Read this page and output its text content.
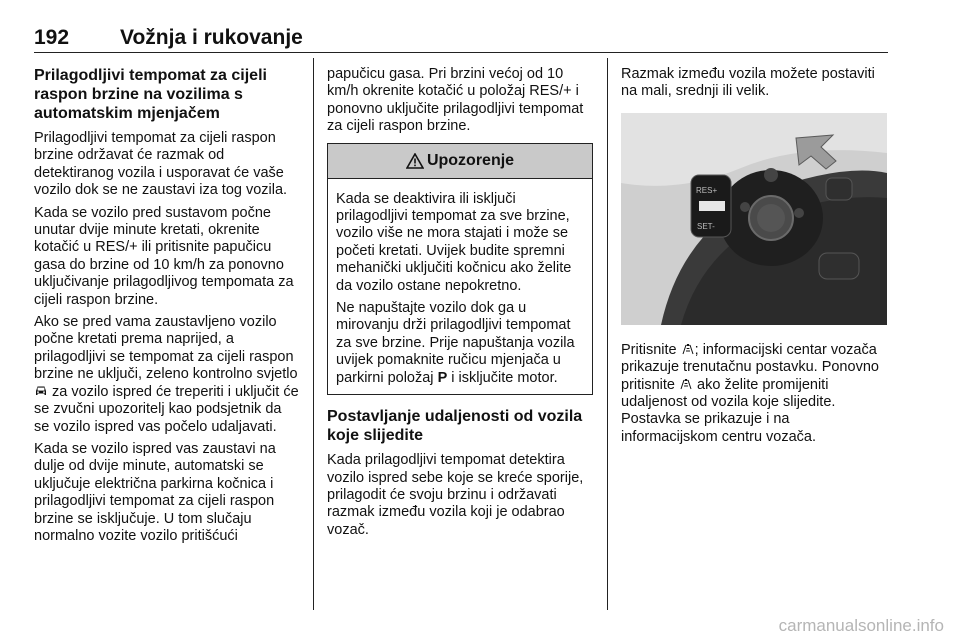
192 Vožnja i rukovanje
Prilagodljivi tempomat za cijeli raspon brzine na vozilima s automatskim mjenjačem

Prilagodljivi tempomat za cijeli raspon brzine održavat će razmak od detektiranog vozila i usporavat će vaše vozilo dok se ne zaustavi iza tog vozila.

Kada se vozilo pred sustavom počne unutar dvije minute kretati, okrenite kotačić u RES/+ ili pritisnite papučicu gasa do brzine od 10 km/h za ponovno uključivanje prilagodljivog tempomata za cijeli raspon brzine.

Ako se pred vama zaustavljeno vozilo počne kretati prema naprijed, a prilagodljivi se tempomat za cijeli raspon brzine ne uključi, zeleno kontrolno svjetlo  za vozilo ispred će treperiti i uključit će se zvučni upozoritelj kao podsjetnik da se vozilo ispred vas počelo udaljavati.

Kada se vozilo ispred vas zaustavi na dulje od dvije minute, automatski se uključuje električna parkirna kočnica i prilagodljivi tempomat za cijeli raspon brzine se isključuje. U tom slučaju normalno vozite vozilo pritišćući

papučicu gasa. Pri brzini većoj od 10 km/h okrenite kotačić u položaj RES/+ i ponovno uključite prilagodljivi tempomat za cijeli raspon brzine.

Upozorenje

Kada se deaktivira ili isključi prilagodljivi tempomat za sve brzine, vozilo više ne mora stajati i može se početi kretati. Uvijek budite spremni mehanički uključiti kočnicu ako želite da vozilo ostane nepokretno.

Ne napuštajte vozilo dok ga u mirovanju drži prilagodljivi tempomat za sve brzine. Prije napuštanja vozila uvijek pomaknite ručicu mjenjača u parkirni položaj P i isključite motor.

Postavljanje udaljenosti od vozila koje slijedite

Kada prilagodljivi tempomat detektira vozilo ispred sebe koje se kreće sporije, prilagodit će svoju brzinu i održavati razmak između vozila koji je odabrao vozač.

Razmak između vozila možete postaviti na mali, srednji ili velik.

RES+
SET-

Pritisnite ; informacijski centar vozača prikazuje trenutačnu postavku. Ponovno pritisnite  ako želite promijeniti udaljenost od vozila koje slijedite. Postavka se prikazuje i na informacijskom centru vozača.

carmanualsonline.info
